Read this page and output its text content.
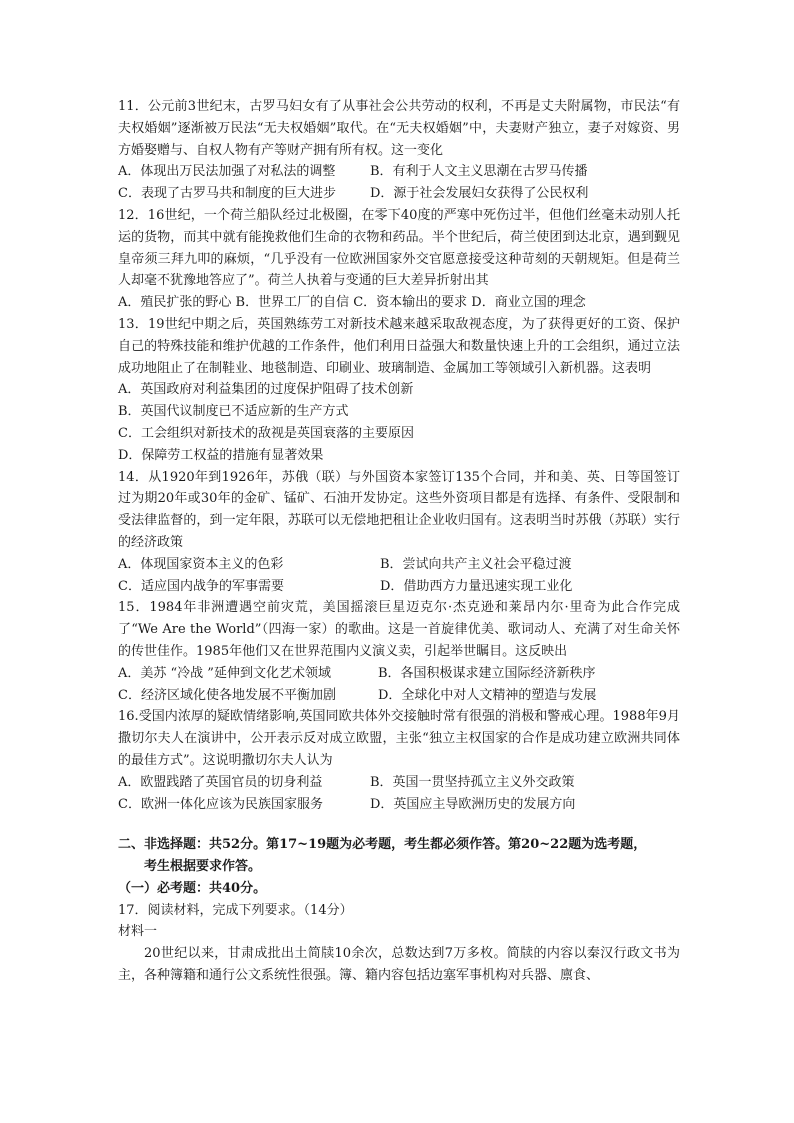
11．公元前3世纪末，古罗马妇女有了从事社会公共劳动的权利，不再是丈夫附属物，市民法“有夫权婚姻”逐渐被万民法“无夫权婚姻”取代。在“无夫权婚姻”中，夫妻财产独立，妻子对嫁资、男方婚娶赠与、自权人物有产等财产拥有所有权。这一变化

A．体现出万民法加强了对私法的调整	B．有利于人文主义思潮在古罗马传播
C．表现了古罗马共和制度的巨大进步	D．源于社会发展妇女获得了公民权利

12．16世纪，一个荷兰船队经过北极圈，在零下40度的严寒中死伤过半，但他们丝毫未动别人托运的货物，而其中就有能挽救他们生命的衣物和药品。半个世纪后，荷兰使团到达北京，遇到觐见皇帝须三拜九叩的麻烦，“几乎没有一位欧洲国家外交官愿意接受这种苛刻的天朝规矩。但是荷兰人却毫不犹豫地答应了”。荷兰人执着与变通的巨大差异折射出其

A．殖民扩张的野心 B．世界工厂的自信 C．资本输出的要求 D．商业立国的理念

13．19世纪中期之后，英国熟练劳工对新技术越来越采取敌视态度，为了获得更好的工资、保护自己的特殊技能和维护优越的工作条件，他们利用日益强大和数量快速上升的工会组织，通过立法成功地阻止了在制鞋业、地毯制造、印刷业、玻璃制造、金属加工等领域引入新机器。这表明

A．英国政府对利益集团的过度保护阻碍了技术创新

B．英国代议制度已不适应新的生产方式

C．工会组织对新技术的敌视是英国衰落的主要原因

D．保障劳工权益的措施有显著效果

14．从1920年到1926年，苏俄（联）与外国资本家签订135个合同，并和美、英、日等国签订过为期20年或30年的金矿、锰矿、石油开发协定。这些外资项目都是有选择、有条件、受限制和受法律监督的，到一定年限，苏联可以无偿地把租让企业收归国有。这表明当时苏俄（苏联）实行的经济政策

A．体现国家资本主义的色彩	B．尝试向共产主义社会平稳过渡
C．适应国内战争的军事需要	D．借助西方力量迅速实现工业化

15．1984年非洲遭遇空前灾荒，美国摇滚巨星迈克尔·杰克逊和莱昂内尔·里奇为此合作完成了“We Are the World”（四海一家）的歌曲。这是一首旋律优美、歌词动人、充满了对生命关怀的传世佳作。1985年他们又在世界范围内义演义卖，引起举世瞩目。这反映出

A．美苏 “冷战 ”延伸到文化艺术领域	B．各国积极谋求建立国际经济新秩序
C．经济区域化使各地发展不平衡加剧	D．全球化中对人文精神的塑造与发展

16.受国内浓厚的疑欧情绪影响,英国同欧共体外交接触时常有很强的消极和警戒心理。1988年9月撒切尔夫人在演讲中，公开表示反对成立欧盟，主张“独立主权国家的合作是成功建立欧洲共同体的最佳方式”。这说明撒切尔夫人认为

A．欧盟践踏了英国官员的切身利益	B．英国一贯坚持孤立主义外交政策
C．欧洲一体化应该为民族国家服务	D．英国应主导欧洲历史的发展方向
二、非选择题：共52分。第17~19题为必考题，考生都必须作答。第20~22题为选考题，
考生根据要求作答。
（一）必考题：共40分。
17．阅读材料，完成下列要求。（14分）
材料一

20世纪以来，甘肃成批出土简牍10余次，总数达到7万多枚。简牍的内容以秦汉行政文书为主，各种簿籍和通行公文系统性很强。簿、籍内容包括边塞军事机构对兵器、廪食、
